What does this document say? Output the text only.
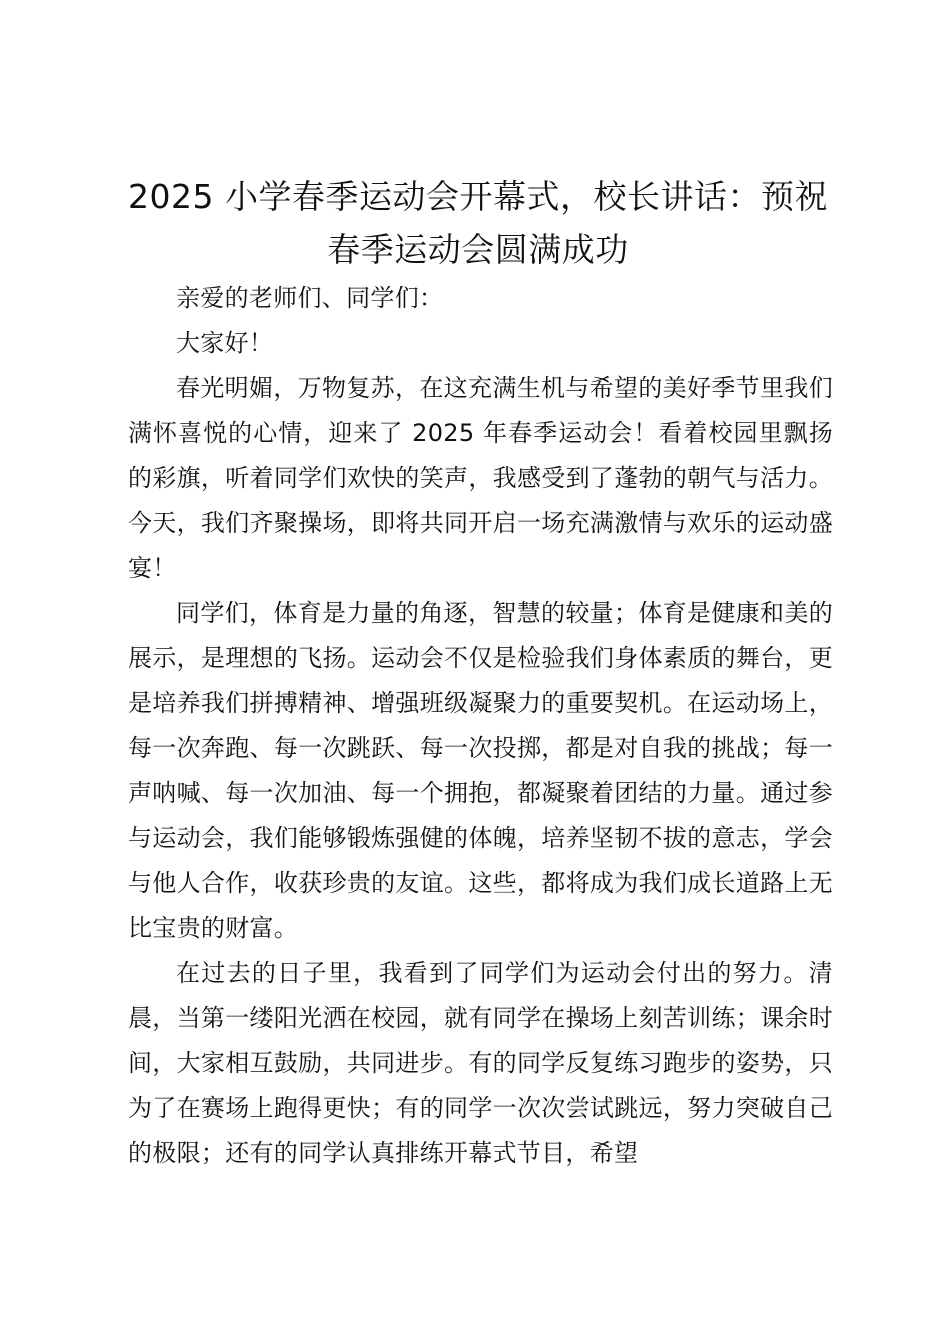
2025 小学春季运动会开幕式，校长讲话：预祝春季运动会圆满成功

亲爱的老师们、同学们：

大家好！

春光明媚，万物复苏，在这充满生机与希望的美好季节里我们满怀喜悦的心情，迎来了 2025 年春季运动会！看着校园里飘扬的彩旗，听着同学们欢快的笑声，我感受到了蓬勃的朝气与活力。今天，我们齐聚操场，即将共同开启一场充满激情与欢乐的运动盛宴！

同学们，体育是力量的角逐，智慧的较量；体育是健康和美的展示，是理想的飞扬。运动会不仅是检验我们身体素质的舞台，更是培养我们拼搏精神、增强班级凝聚力的重要契机。在运动场上，每一次奔跑、每一次跳跃、每一次投掷，都是对自我的挑战；每一声呐喊、每一次加油、每一个拥抱，都凝聚着团结的力量。通过参与运动会，我们能够锻炼强健的体魄，培养坚韧不拔的意志，学会与他人合作，收获珍贵的友谊。这些，都将成为我们成长道路上无比宝贵的财富。

在过去的日子里，我看到了同学们为运动会付出的努力。清晨，当第一缕阳光洒在校园，就有同学在操场上刻苦训练；课余时间，大家相互鼓励，共同进步。有的同学反复练习跑步的姿势，只为了在赛场上跑得更快；有的同学一次次尝试跳远，努力突破自己的极限；还有的同学认真排练开幕式节目，希望
